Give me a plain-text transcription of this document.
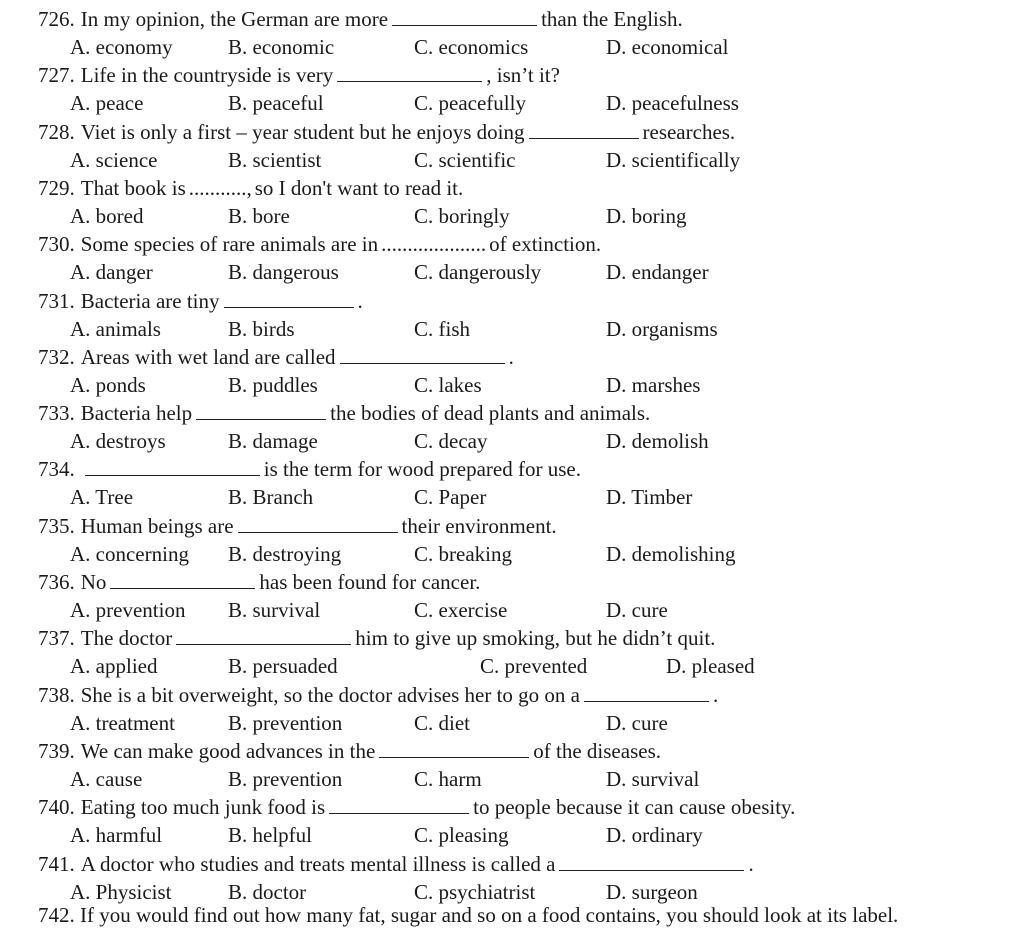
726. In my opinion, the German are more	than the English.
A. economy	B. economic	C. economics	D. economical
727. Life in the countryside is very	, isn’t it?
A. peace	B. peaceful	C. peacefully	D. peacefulness
728. Viet is only a first – year student but he enjoys doing	researches.
A. science	B. scientist	C. scientific	D. scientifically
729. That book is ..........., so I don't want to read it.
A. bored	B. bore	C. boringly	D. boring
730. Some species of rare animals are in .................... of extinction.
A. danger	B. dangerous	C. dangerously	D. endanger
731. Bacteria are tiny	.
A. animals	B. birds	C. fish	D. organisms
732. Areas with wet land are called	.
A. ponds	B. puddles	C. lakes	D. marshes
733. Bacteria help	the bodies of dead plants and animals.
A. destroys	B. damage	C. decay	D. demolish
734.	is the term for wood prepared for use.
A. Tree	B. Branch	C. Paper	D. Timber
735. Human beings are	their environment.
A. concerning B. destroying	C. breaking	D. demolishing
736. No	has been found for cancer.
A. prevention B. survival	C. exercise	D. cure
737. The doctor	him to give up smoking, but he didn’t quit.
A. applied	B. persuaded	C. prevented	D. pleased
738. She is a bit overweight, so the doctor advises her to go on a	.
A. treatment	B. prevention	C. diet	D. cure
739. We can make good advances in the	of the diseases.
A. cause	B. prevention	C. harm	D. survival
740. Eating too much junk food is	to people because it can cause obesity.
A. harmful	B. helpful	C. pleasing	D. ordinary
741. A doctor who studies and treats mental illness is called a	.
A. Physicist	B. doctor	C. psychiatrist	D. surgeon
742. If you would find out how many fat, sugar and so on a food contains, you should look at its label.
